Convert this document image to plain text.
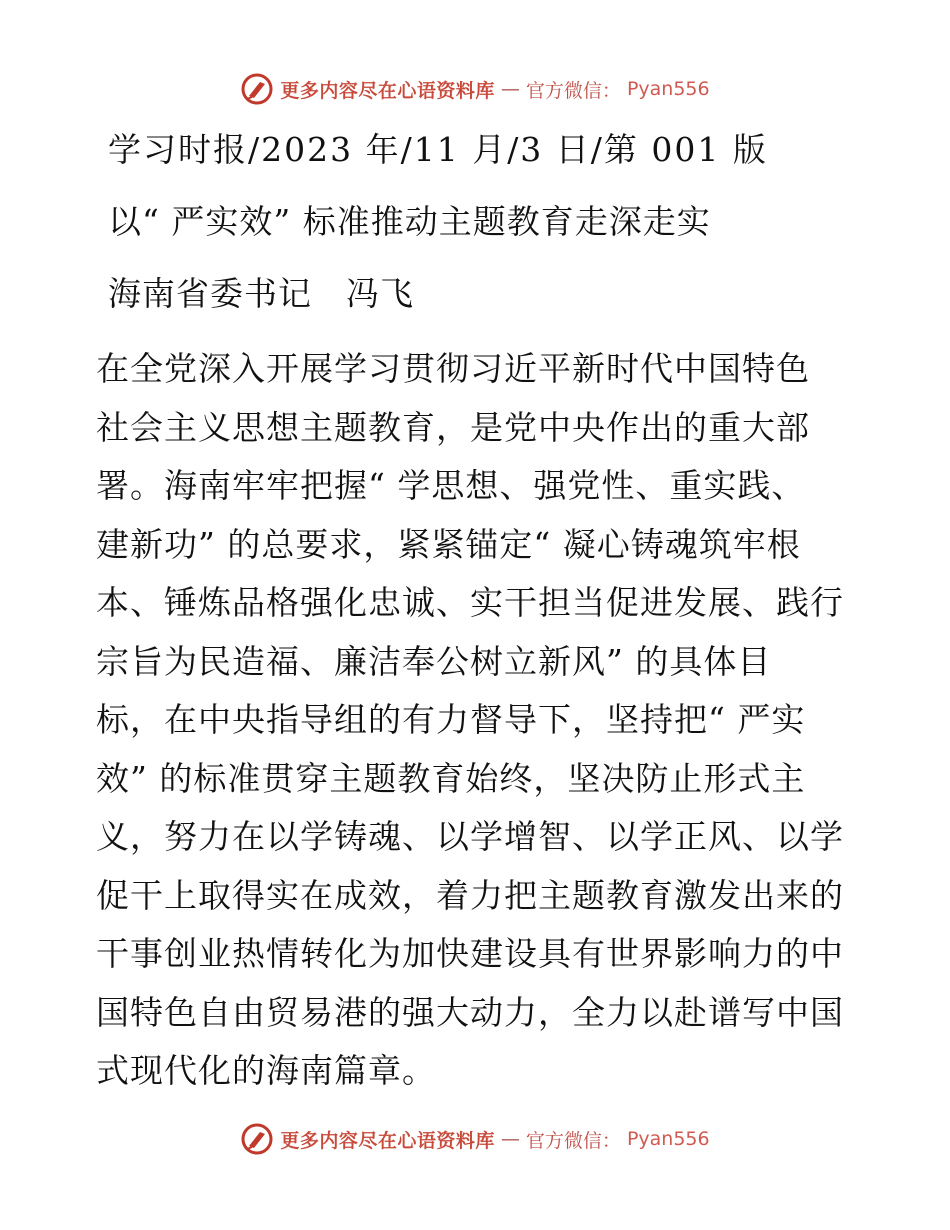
更多内容尽在心语资料库 — 官方微信： Pyan556
学习时报/2023 年/11 月/3 日/第 001 版
以“ 严实效” 标准推动主题教育走深走实
海南省委书记 冯飞
在全党深入开展学习贯彻习近平新时代中国特色
社会主义思想主题教育，是党中央作出的重大部
署。海南牢牢把握“ 学思想、强党性、重实践、
建新功” 的总要求，紧紧锚定“ 凝心铸魂筑牢根
本、锤炼品格强化忠诚、实干担当促进发展、践行
宗旨为民造福、廉洁奉公树立新风” 的具体目
标，在中央指导组的有力督导下，坚持把“ 严实
效” 的标准贯穿主题教育始终，坚决防止形式主
义，努力在以学铸魂、以学增智、以学正风、以学
促干上取得实在成效，着力把主题教育激发出来的
干事创业热情转化为加快建设具有世界影响力的中
国特色自由贸易港的强大动力，全力以赴谱写中国
式现代化的海南篇章。
更多内容尽在心语资料库 — 官方微信： Pyan556
